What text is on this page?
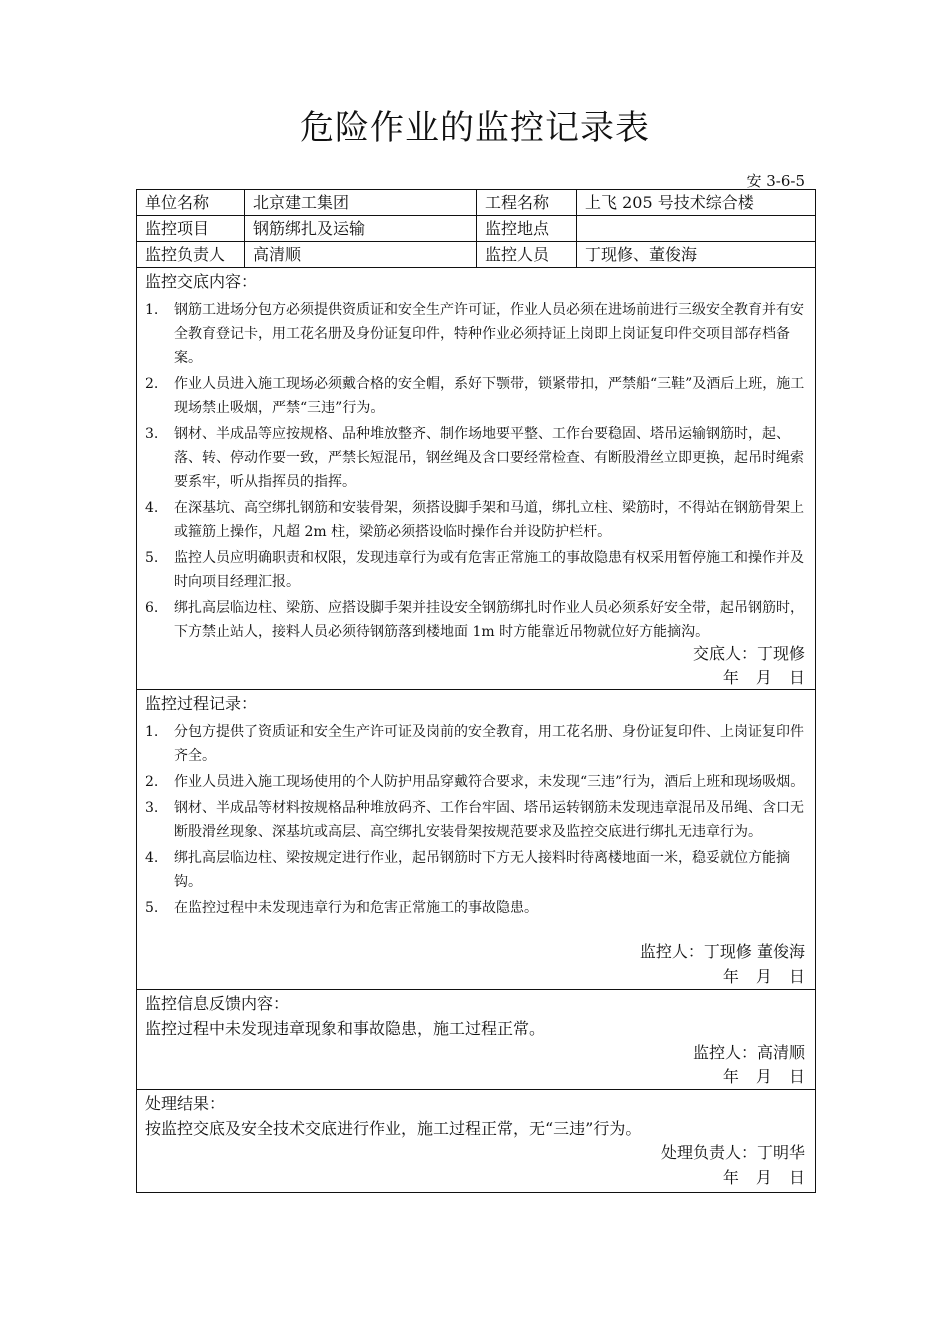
危险作业的监控记录表
安 3-6-5
单位名称	北京建工集团	工程名称	上飞 205 号技术综合楼
监控项目	钢筋绑扎及运输	监控地点
监控负责人	高清顺	监控人员	丁现修、董俊海
监控交底内容：
1. 钢筋工进场分包方必须提供资质证和安全生产许可证，作业人员必须在进场前进行三级安全教育并有安全教育登记卡，用工花名册及身份证复印件，特种作业必须持证上岗即上岗证复印件交项目部存档备案。
2. 作业人员进入施工现场必须戴合格的安全帽，系好下颚带，锁紧带扣，严禁船“三鞋”及酒后上班，施工现场禁止吸烟，严禁“三违”行为。
3. 钢材、半成品等应按规格、品种堆放整齐、制作场地要平整、工作台要稳固、塔吊运输钢筋时，起、落、转、停动作要一致，严禁长短混吊，钢丝绳及含口要经常检查、有断股滑丝立即更换，起吊时绳索要系牢，听从指挥员的指挥。
4. 在深基坑、高空绑扎钢筋和安装骨架，须搭设脚手架和马道，绑扎立柱、梁筋时，不得站在钢筋骨架上或箍筋上操作，凡超 2m 柱，梁筋必须搭设临时操作台并设防护栏杆。
5. 监控人员应明确职责和权限，发现违章行为或有危害正常施工的事故隐患有权采用暂停施工和操作并及时向项目经理汇报。
6. 绑扎高层临边柱、梁筋、应搭设脚手架并挂设安全钢筋绑扎时作业人员必须系好安全带，起吊钢筋时，下方禁止站人，接料人员必须待钢筋落到楼地面 1m 时方能靠近吊物就位好方能摘沟。
交底人：丁现修
年 月 日
监控过程记录：
1. 分包方提供了资质证和安全生产许可证及岗前的安全教育，用工花名册、身份证复印件、上岗证复印件齐全。
2. 作业人员进入施工现场使用的个人防护用品穿戴符合要求，未发现“三违”行为，酒后上班和现场吸烟。
3. 钢材、半成品等材料按规格品种堆放码齐、工作台牢固、塔吊运转钢筋未发现违章混吊及吊绳、含口无断股滑丝现象、深基坑或高层、高空绑扎安装骨架按规范要求及监控交底进行绑扎无违章行为。
4. 绑扎高层临边柱、梁按规定进行作业，起吊钢筋时下方无人接料时待离楼地面一米，稳妥就位方能摘钩。
5. 在监控过程中未发现违章行为和危害正常施工的事故隐患。
监控人：丁现修 董俊海
年 月 日
监控信息反馈内容：
监控过程中未发现违章现象和事故隐患，施工过程正常。
监控人：高清顺
年 月 日
处理结果：
按监控交底及安全技术交底进行作业，施工过程正常，无“三违”行为。
处理负责人：丁明华
年 月 日
